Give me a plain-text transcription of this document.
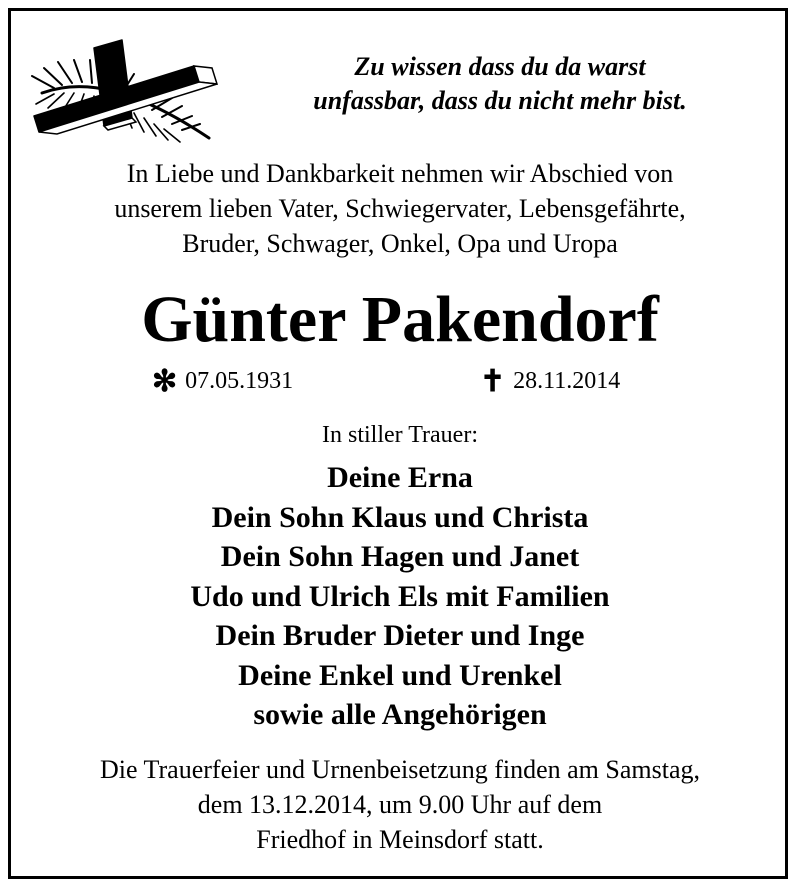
Zu wissen dass du da warst
unfassbar, dass du nicht mehr bist.
In Liebe und Dankbarkeit nehmen wir Abschied von
unserem lieben Vater, Schwiegervater, Lebensgefährte,
Bruder, Schwager, Onkel, Opa und Uropa
Günter Pakendorf
✻ 07.05.1931	✝ 28.11.2014
In stiller Trauer:
Deine Erna
Dein Sohn Klaus und Christa
Dein Sohn Hagen und Janet
Udo und Ulrich Els mit Familien
Dein Bruder Dieter und Inge
Deine Enkel und Urenkel
sowie alle Angehörigen
Die Trauerfeier und Urnenbeisetzung finden am Samstag,
dem 13.12.2014, um 9.00 Uhr auf dem
Friedhof in Meinsdorf statt.
